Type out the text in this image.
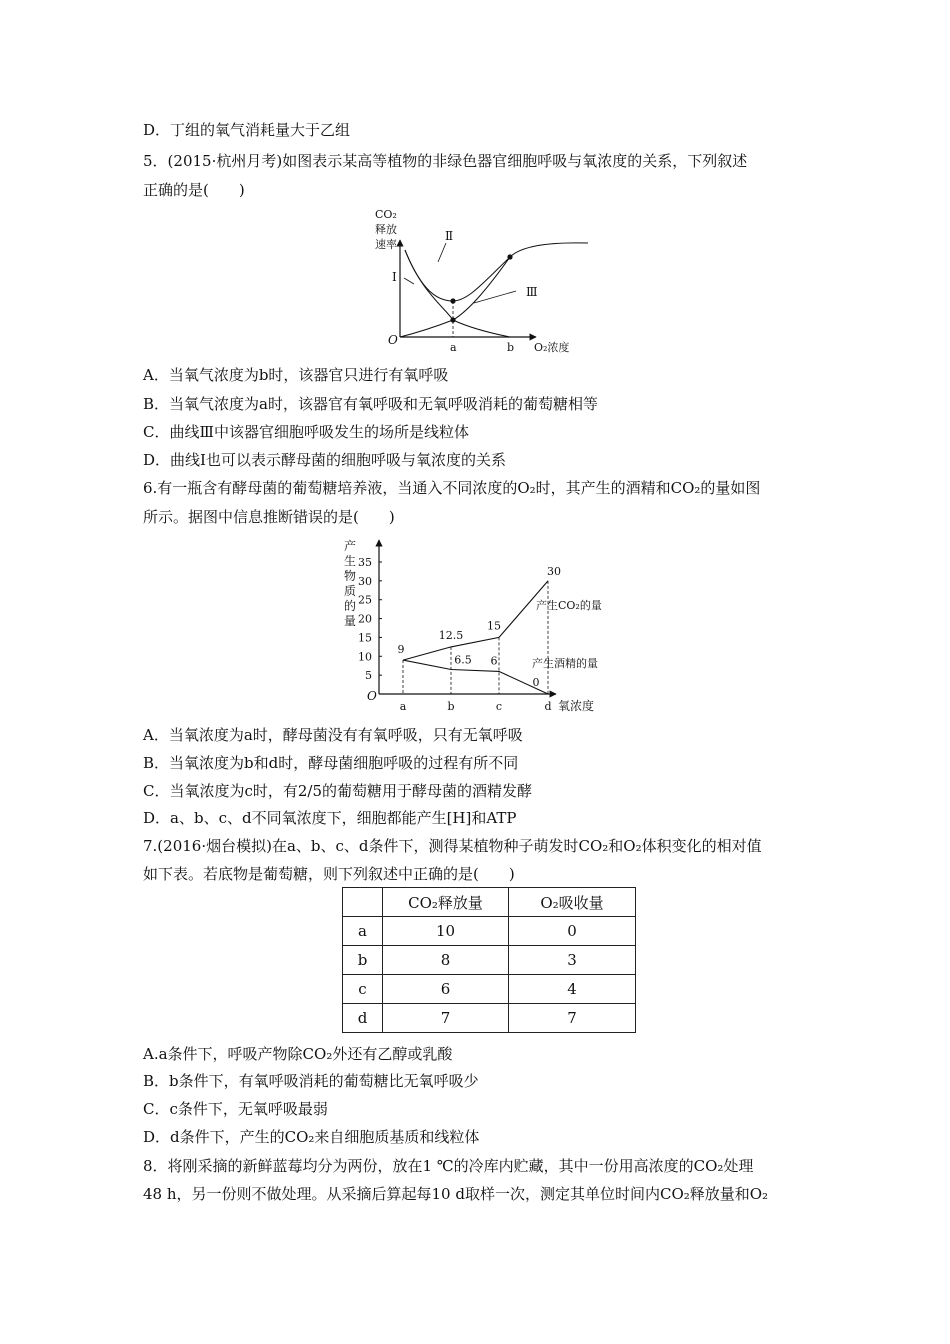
D．丁组的氧气消耗量大于乙组
5．(2015·杭州月考)如图表示某高等植物的非绿色器官细胞呼吸与氧浓度的关系，下列叙述
正确的是(　　)
CO₂
释放
速率
O
a	b O₂浓度
Ⅱ
Ⅰ
Ⅲ
A．当氧气浓度为b时，该器官只进行有氧呼吸
B．当氧气浓度为a时，该器官有氧呼吸和无氧呼吸消耗的葡萄糖相等
C．曲线Ⅲ中该器官细胞呼吸发生的场所是线粒体
D．曲线Ⅰ也可以表示酵母菌的细胞呼吸与氧浓度的关系
6.有一瓶含有酵母菌的葡萄糖培养液，当通入不同浓度的O₂时，其产生的酒精和CO₂的量如图
所示。据图中信息推断错误的是(　　)
产
生
物
质
的
量
35
30
25
20
15
10
5
a	b	c	d
9
12.5
15
30
6.5 6
0
O
氧浓度
产生CO₂的量
产生酒精的量
A．当氧浓度为a时，酵母菌没有有氧呼吸，只有无氧呼吸
B．当氧浓度为b和d时，酵母菌细胞呼吸的过程有所不同
C．当氧浓度为c时，有2/5的葡萄糖用于酵母菌的酒精发酵
D．a、b、c、d不同氧浓度下，细胞都能产生[H]和ATP
7.(2016·烟台模拟)在a、b、c、d条件下，测得某植物种子萌发时CO₂和O₂体积变化的相对值
如下表。若底物是葡萄糖，则下列叙述中正确的是(　　)
	CO₂释放量	O₂吸收量
a	10	0
b	8	3
c	6	4
d	7	7
A.a条件下，呼吸产物除CO₂外还有乙醇或乳酸
B．b条件下，有氧呼吸消耗的葡萄糖比无氧呼吸少
C．c条件下，无氧呼吸最弱
D．d条件下，产生的CO₂来自细胞质基质和线粒体
8．将刚采摘的新鲜蓝莓均分为两份，放在1 ℃的冷库内贮藏，其中一份用高浓度的CO₂处理
48 h，另一份则不做处理。从采摘后算起每10 d取样一次，测定其单位时间内CO₂释放量和O₂
